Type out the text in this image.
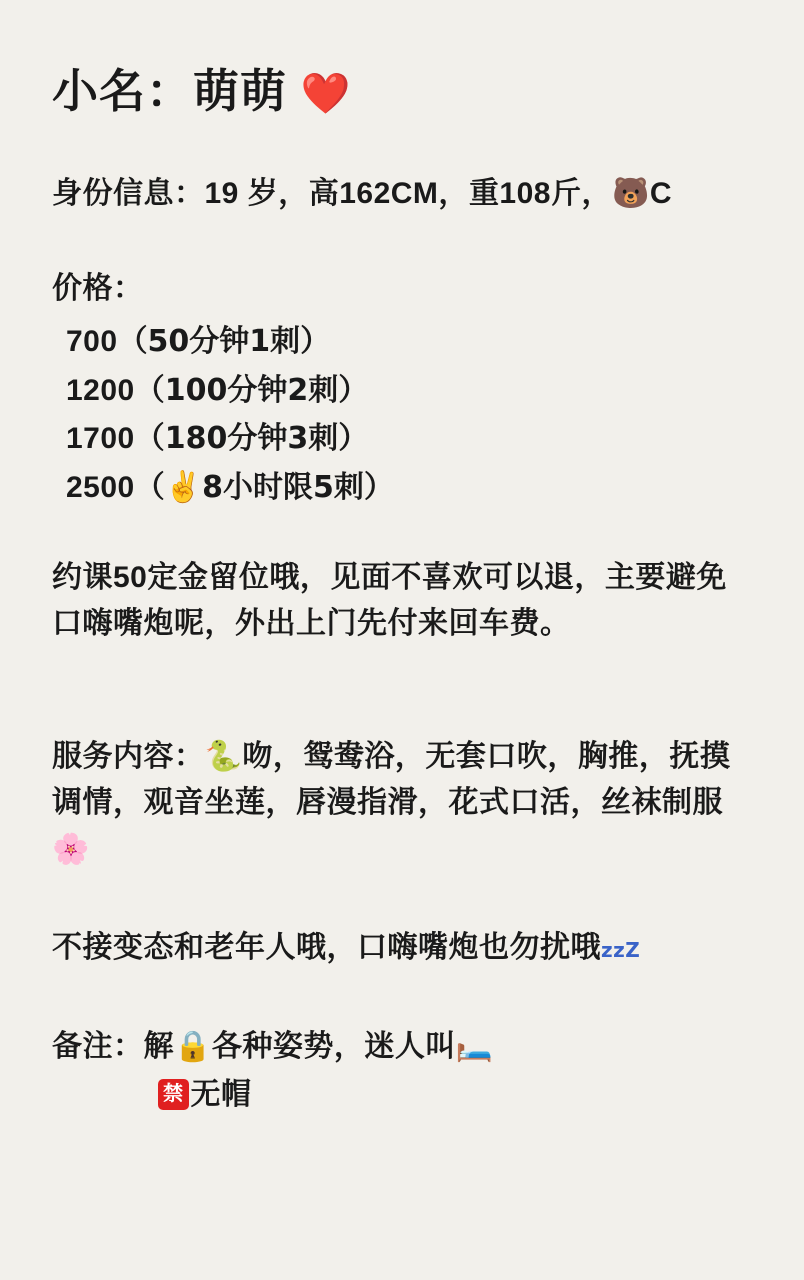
小名：萌萌 ❤️
身份信息：19 岁，高162CM，重108斤，🐻C
价格：
700（50分钟1刺）
1200（100分钟2刺）
1700（180分钟3刺）
2500（✌️8小时限5刺）
约课50定金留位哦，见面不喜欢可以退，主要避免口嗨嘴炮呢，外出上门先付来回车费。
服务内容：🐍吻，鸳鸯浴，无套口吹，胸推，抚摸调情，观音坐莲，唇漫指滑，花式口活，丝袜制服🌸
不接变态和老年人哦，口嗨嘴炮也勿扰哦zzZ
备注：解🔒各种姿势，迷人叫🛏️
禁 无帽
